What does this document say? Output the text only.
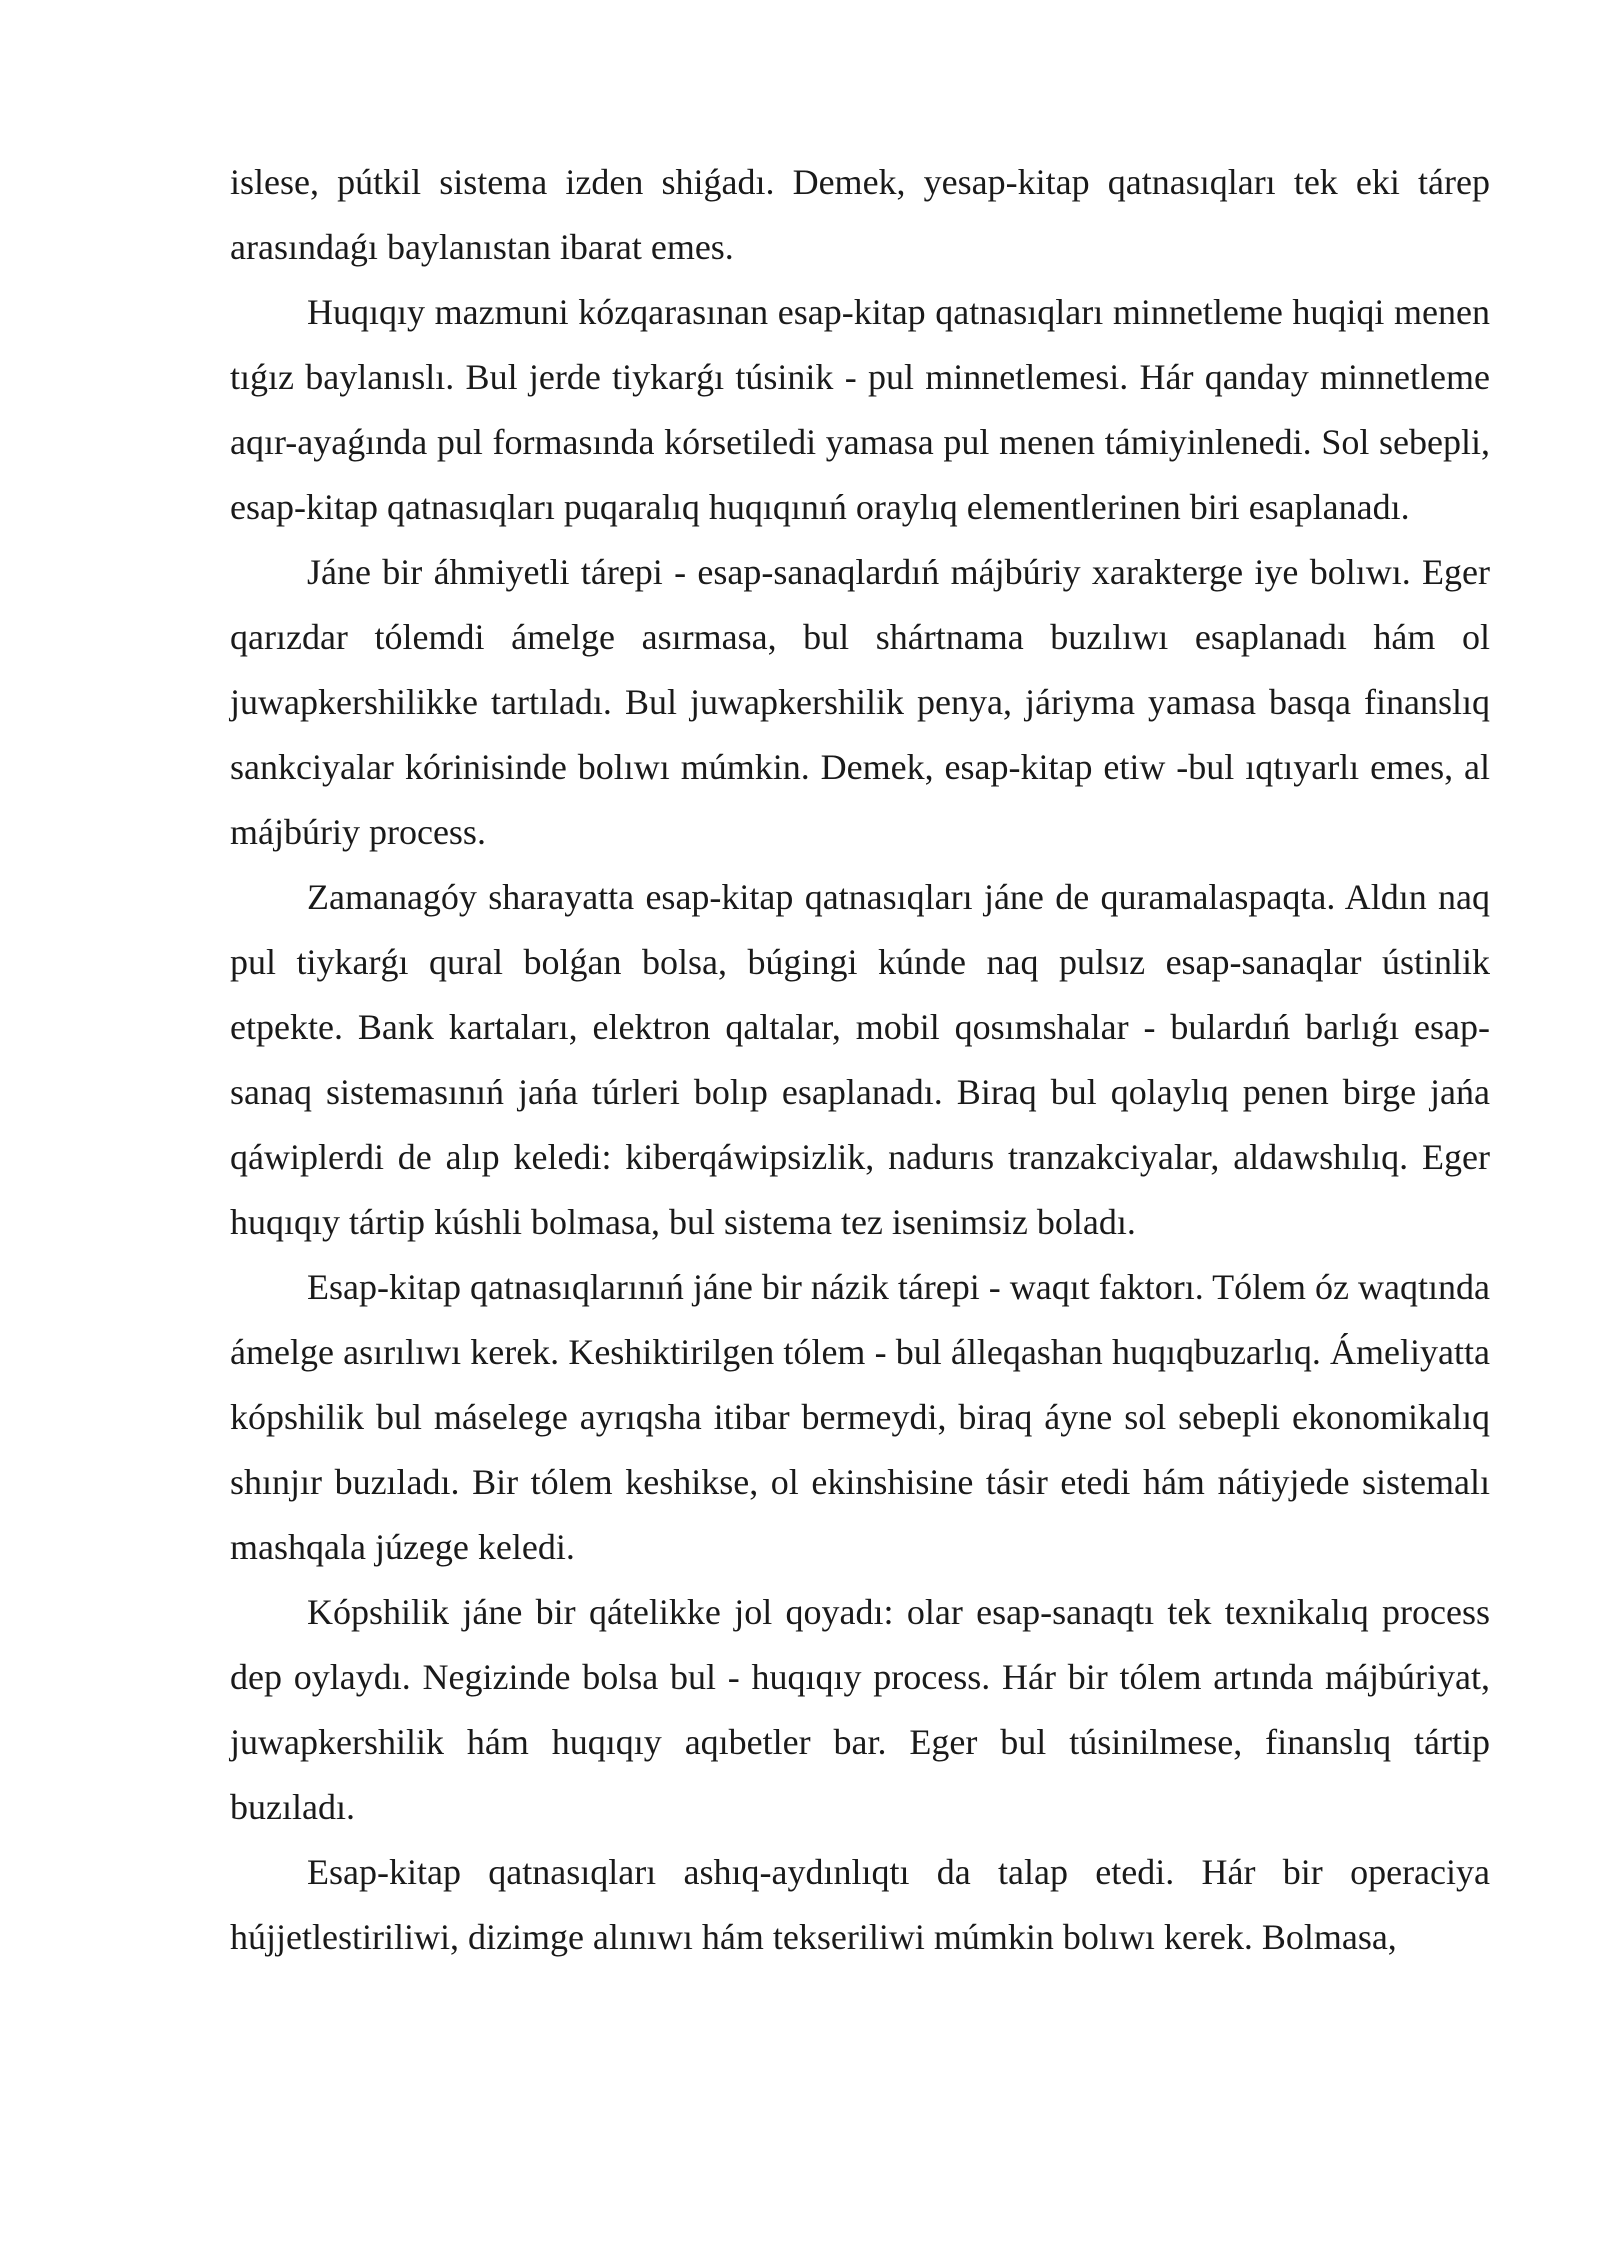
islese, pútkil sistema izden shiǵadı. Demek, yesap-kitap qatnasıqları tek eki tárep arasındaǵı baylanıstan ibarat emes.

Huqıqıy mazmuni kózqarasınan esap-kitap qatnasıqları minnetleme huqiqi menen tıǵız baylanıslı. Bul jerde tiykarǵı túsinik - pul minnetlemesi. Hár qanday minnetleme aqır-ayaǵında pul formasında kórsetiledi yamasa pul menen támiyinlenedi. Sol sebepli, esap-kitap qatnasıqları puqaralıq huqıqınıń oraylıq elementlerinen biri esaplanadı.

Jáne bir áhmiyetli tárepi - esap-sanaqlardıń májbúriy xarakterge iye bolıwı. Eger qarızdar tólemdi ámelge asırmasa, bul shártnama buzılıwı esaplanadı hám ol juwapkershilikke tartıladı. Bul juwapkershilik penya, járiyma yamasa basqa finanslıq sankciyalar kórinisinde bolıwı múmkin. Demek, esap-kitap etiw -bul ıqtıyarlı emes, al májbúriy process.

Zamanagóy sharayatta esap-kitap qatnasıqları jáne de quramalaspaqta. Aldın naq pul tiykarǵı qural bolǵan bolsa, búgingi kúnde naq pulsız esap-sanaqlar ústinlik etpekte. Bank kartaları, elektron qaltalar, mobil qosımshalar - bulardıń barlıǵı esap-sanaq sistemasınıń jańa túrleri bolıp esaplanadı. Biraq bul qolaylıq penen birge jańa qáwiplerdi de alıp keledi: kiberqáwipsizlik, nadurıs tranzakciyalar, aldawshılıq. Eger huqıqıy tártip kúshli bolmasa, bul sistema tez isenimsiz boladı.

Esap-kitap qatnasıqlarınıń jáne bir názik tárepi - waqıt faktorı. Tólem óz waqtında ámelge asırılıwı kerek. Keshiktirilgen tólem - bul álleqashan huqıqbuzarlıq. Ámeliyatta kópshilik bul máselege ayrıqsha itibar bermeydi, biraq áyne sol sebepli ekonomikalıq shınjır buzıladı. Bir tólem keshikse, ol ekinshisine tásir etedi hám nátiyjede sistemalı mashqala júzege keledi.

Kópshilik jáne bir qátelikke jol qoyadı: olar esap-sanaqtı tek texnikalıq process dep oylaydı. Negizinde bolsa bul - huqıqıy process. Hár bir tólem artında májbúriyat, juwapkershilik hám huqıqıy aqıbetler bar. Eger bul túsinilmese, finanslıq tártip buzıladı.

Esap-kitap qatnasıqları ashıq-aydınlıqtı da talap etedi. Hár bir operaciya hújjetlestiriliwi, dizimge alınıwı hám tekseriliwi múmkin bolıwı kerek. Bolmasa,
